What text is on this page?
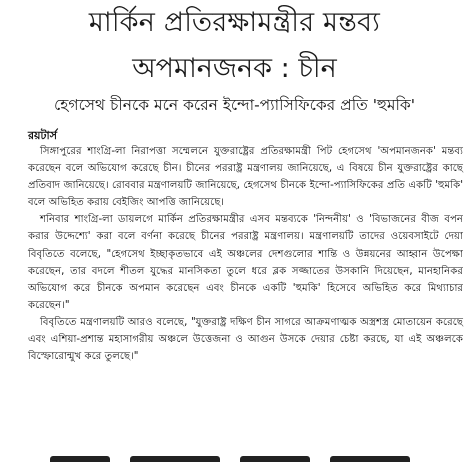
মার্কিন প্রতিরক্ষামন্ত্রীর মন্তব্য
অপমানজনক : চীন
হেগসেথ চীনকে মনে করেন ইন্দো-প্যাসিফিকের প্রতি 'হুমকি'
রয়টার্স

সিঙ্গাপুরের শাংগ্রি-লা নিরাপত্তা সম্মেলনে যুক্তরাষ্ট্রের প্রতিরক্ষামন্ত্রী পিট হেগসেথ 'অপমানজনক' মন্তব্য করেছেন বলে অভিযোগ করেছে চীন। চীনের পররাষ্ট্র মন্ত্রণালয় জানিয়েছে, এ বিষয়ে চীন যুক্তরাষ্ট্রের কাছে প্রতিবাদ জানিয়েছে। রোববার মন্ত্রণালয়টি জানিয়েছে, হেগসেথ চীনকে ইন্দো-প্যাসিফিকের প্রতি একটি 'হুমকি' বলে অভিহিত করায় বেইজিং আপত্তি জানিয়েছে।

শনিবার শাংগ্রি-লা ডায়লগে মার্কিন প্রতিরক্ষামন্ত্রীর এসব মন্তব্যকে 'নিন্দনীয়' ও 'বিভাজনের বীজ বপন করার উদ্দেশ্যে' করা বলে বর্ণনা করেছে চীনের পররাষ্ট্র মন্ত্রণালয়। মন্ত্রণালয়টি তাদের ওয়েবসাইটে দেয়া বিবৃতিতে বলেছে, "হেগসেথ ইচ্ছাকৃতভাবে এই অঞ্চলের দেশগুলোর শান্তি ও উন্নয়নের আহ্বান উপেক্ষা করেছেন, তার বদলে শীতল যুদ্ধের মানসিকতা তুলে ধরে ব্লক সজ্জাতের উসকানি দিয়েছেন, মানহানিকর অভিযোগ করে চীনকে অপমান করেছেন এবং চীনকে একটি 'হুমকি' হিসেবে অভিহিত করে মিথ্যাচার করেছেন।"

বিবৃতিতে মন্ত্রণালয়টি আরও বলেছে, "যুক্তরাষ্ট্র দক্ষিণ চীন সাগরে আক্রমণাত্মক অস্ত্রশস্ত্র মোতায়েন করেছে এবং এশিয়া-প্রশান্ত মহাসাগরীয় অঞ্চলে উত্তেজনা ও আগুন উসকে দেয়ার চেষ্টা করছে, যা এই অঞ্চলকে বিস্ফোরোন্মুখ করে তুলছে।"
